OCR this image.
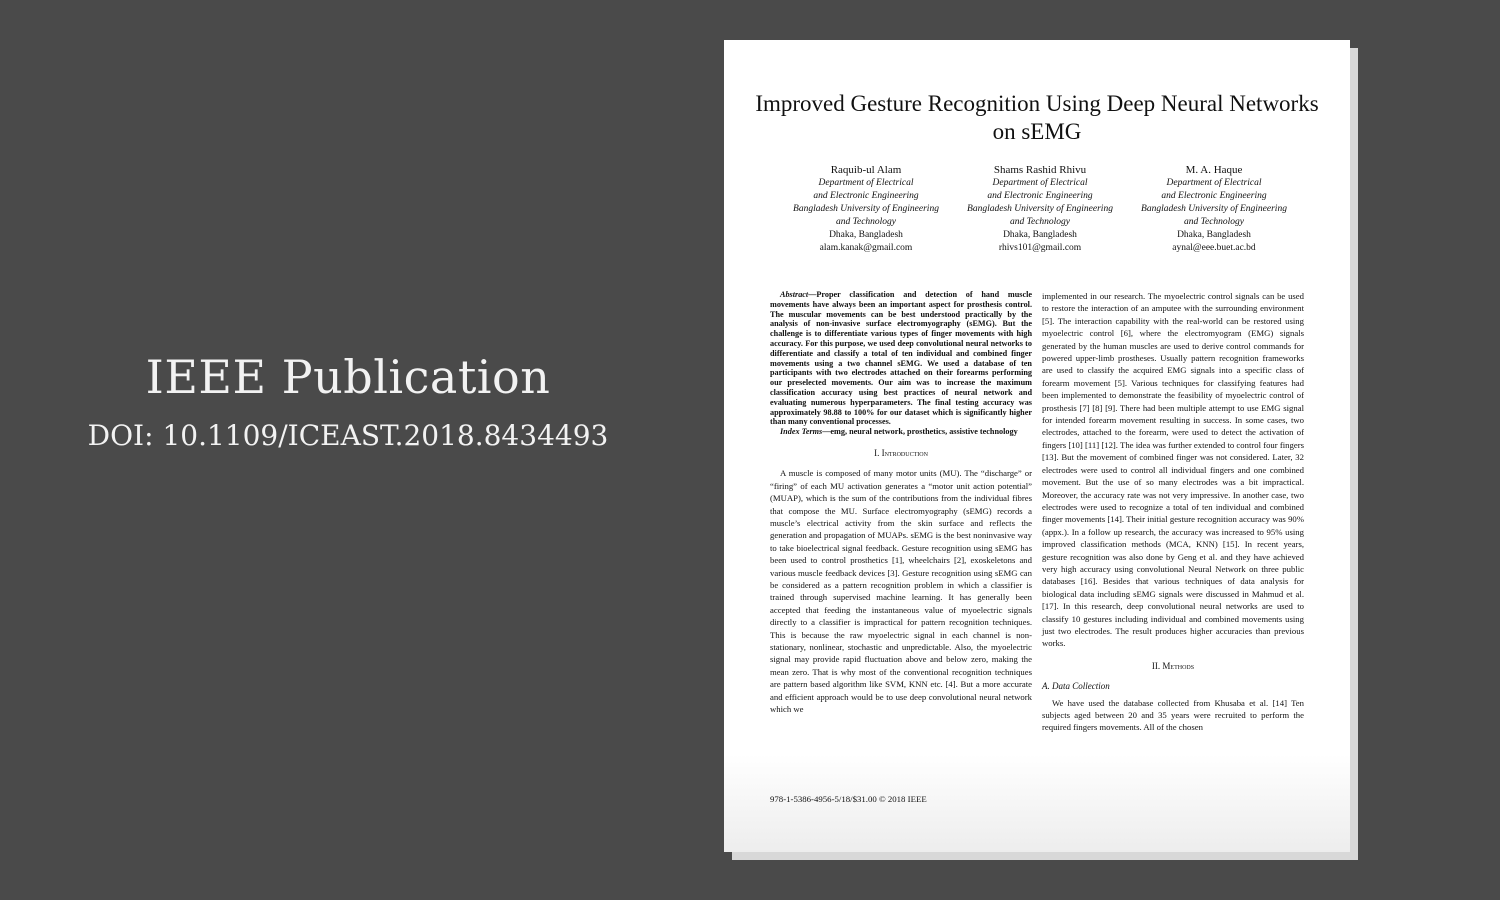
IEEE Publication
DOI: 10.1109/ICEAST.2018.8434493
Improved Gesture Recognition Using Deep Neural Networks on sEMG
Raquib-ul Alam
Department of Electrical
and Electronic Engineering
Bangladesh University of Engineering
and Technology
Dhaka, Bangladesh
alam.kanak@gmail.com
Shams Rashid Rhivu
Department of Electrical
and Electronic Engineering
Bangladesh University of Engineering
and Technology
Dhaka, Bangladesh
rhivs101@gmail.com
M. A. Haque
Department of Electrical
and Electronic Engineering
Bangladesh University of Engineering
and Technology
Dhaka, Bangladesh
aynal@eee.buet.ac.bd

Abstract—Proper classification and detection of hand muscle movements have always been an important aspect for prosthesis control. The muscular movements can be best understood practically by the analysis of non-invasive surface electromyography (sEMG). But the challenge is to differentiate various types of finger movements with high accuracy. For this purpose, we used deep convolutional neural networks to differentiate and classify a total of ten individual and combined finger movements using a two channel sEMG. We used a database of ten participants with two electrodes attached on their forearms performing our preselected movements. Our aim was to increase the maximum classification accuracy using best practices of neural network and evaluating numerous hyperparameters. The final testing accuracy was approximately 98.88 to 100% for our dataset which is significantly higher than many conventional processes.

Index Terms—emg, neural network, prosthetics, assistive technology

I. Introduction

A muscle is composed of many motor units (MU). The “discharge” or “firing” of each MU activation generates a “motor unit action potential” (MUAP), which is the sum of the contributions from the individual fibres that compose the MU. Surface electromyography (sEMG) records a muscle’s electrical activity from the skin surface and reflects the generation and propagation of MUAPs. sEMG is the best noninvasive way to take bioelectrical signal feedback. Gesture recognition using sEMG has been used to control prosthetics [1], wheelchairs [2], exoskeletons and various muscle feedback devices [3]. Gesture recognition using sEMG can be considered as a pattern recognition problem in which a classifier is trained through supervised machine learning. It has generally been accepted that feeding the instantaneous value of myoelectric signals directly to a classifier is impractical for pattern recognition techniques. This is because the raw myoelectric signal in each channel is non-stationary, nonlinear, stochastic and unpredictable. Also, the myoelectric signal may provide rapid fluctuation above and below zero, making the mean zero. That is why most of the conventional recognition techniques are pattern based algorithm like SVM, KNN etc. [4]. But a more accurate and efficient approach would be to use deep convolutional neural network which we

implemented in our research. The myoelectric control signals can be used to restore the interaction of an amputee with the surrounding environment [5]. The interaction capability with the real-world can be restored using myoelectric control [6], where the electromyogram (EMG) signals generated by the human muscles are used to derive control commands for powered upper-limb prostheses. Usually pattern recognition frameworks are used to classify the acquired EMG signals into a specific class of forearm movement [5]. Various techniques for classifying features had been implemented to demonstrate the feasibility of myoelectric control of prosthesis [7] [8] [9]. There had been multiple attempt to use EMG signal for intended forearm movement resulting in success. In some cases, two electrodes, attached to the forearm, were used to detect the activation of fingers [10] [11] [12]. The idea was further extended to control four fingers [13]. But the movement of combined finger was not considered. Later, 32 electrodes were used to control all individual fingers and one combined movement. But the use of so many electrodes was a bit impractical. Moreover, the accuracy rate was not very impressive. In another case, two electrodes were used to recognize a total of ten individual and combined finger movements [14]. Their initial gesture recognition accuracy was 90% (appx.). In a follow up research, the accuracy was increased to 95% using improved classification methods (MCA, KNN) [15]. In recent years, gesture recognition was also done by Geng et al. and they have achieved very high accuracy using convolutional Neural Network on three public databases [16]. Besides that various techniques of data analysis for biological data including sEMG signals were discussed in Mahmud et al. [17]. In this research, deep convolutional neural networks are used to classify 10 gestures including individual and combined movements using just two electrodes. The result produces higher accuracies than previous works.

II. Methods
A. Data Collection

We have used the database collected from Khusaba et al. [14] Ten subjects aged between 20 and 35 years were recruited to perform the required fingers movements. All of the chosen

978-1-5386-4956-5/18/$31.00 © 2018 IEEE
